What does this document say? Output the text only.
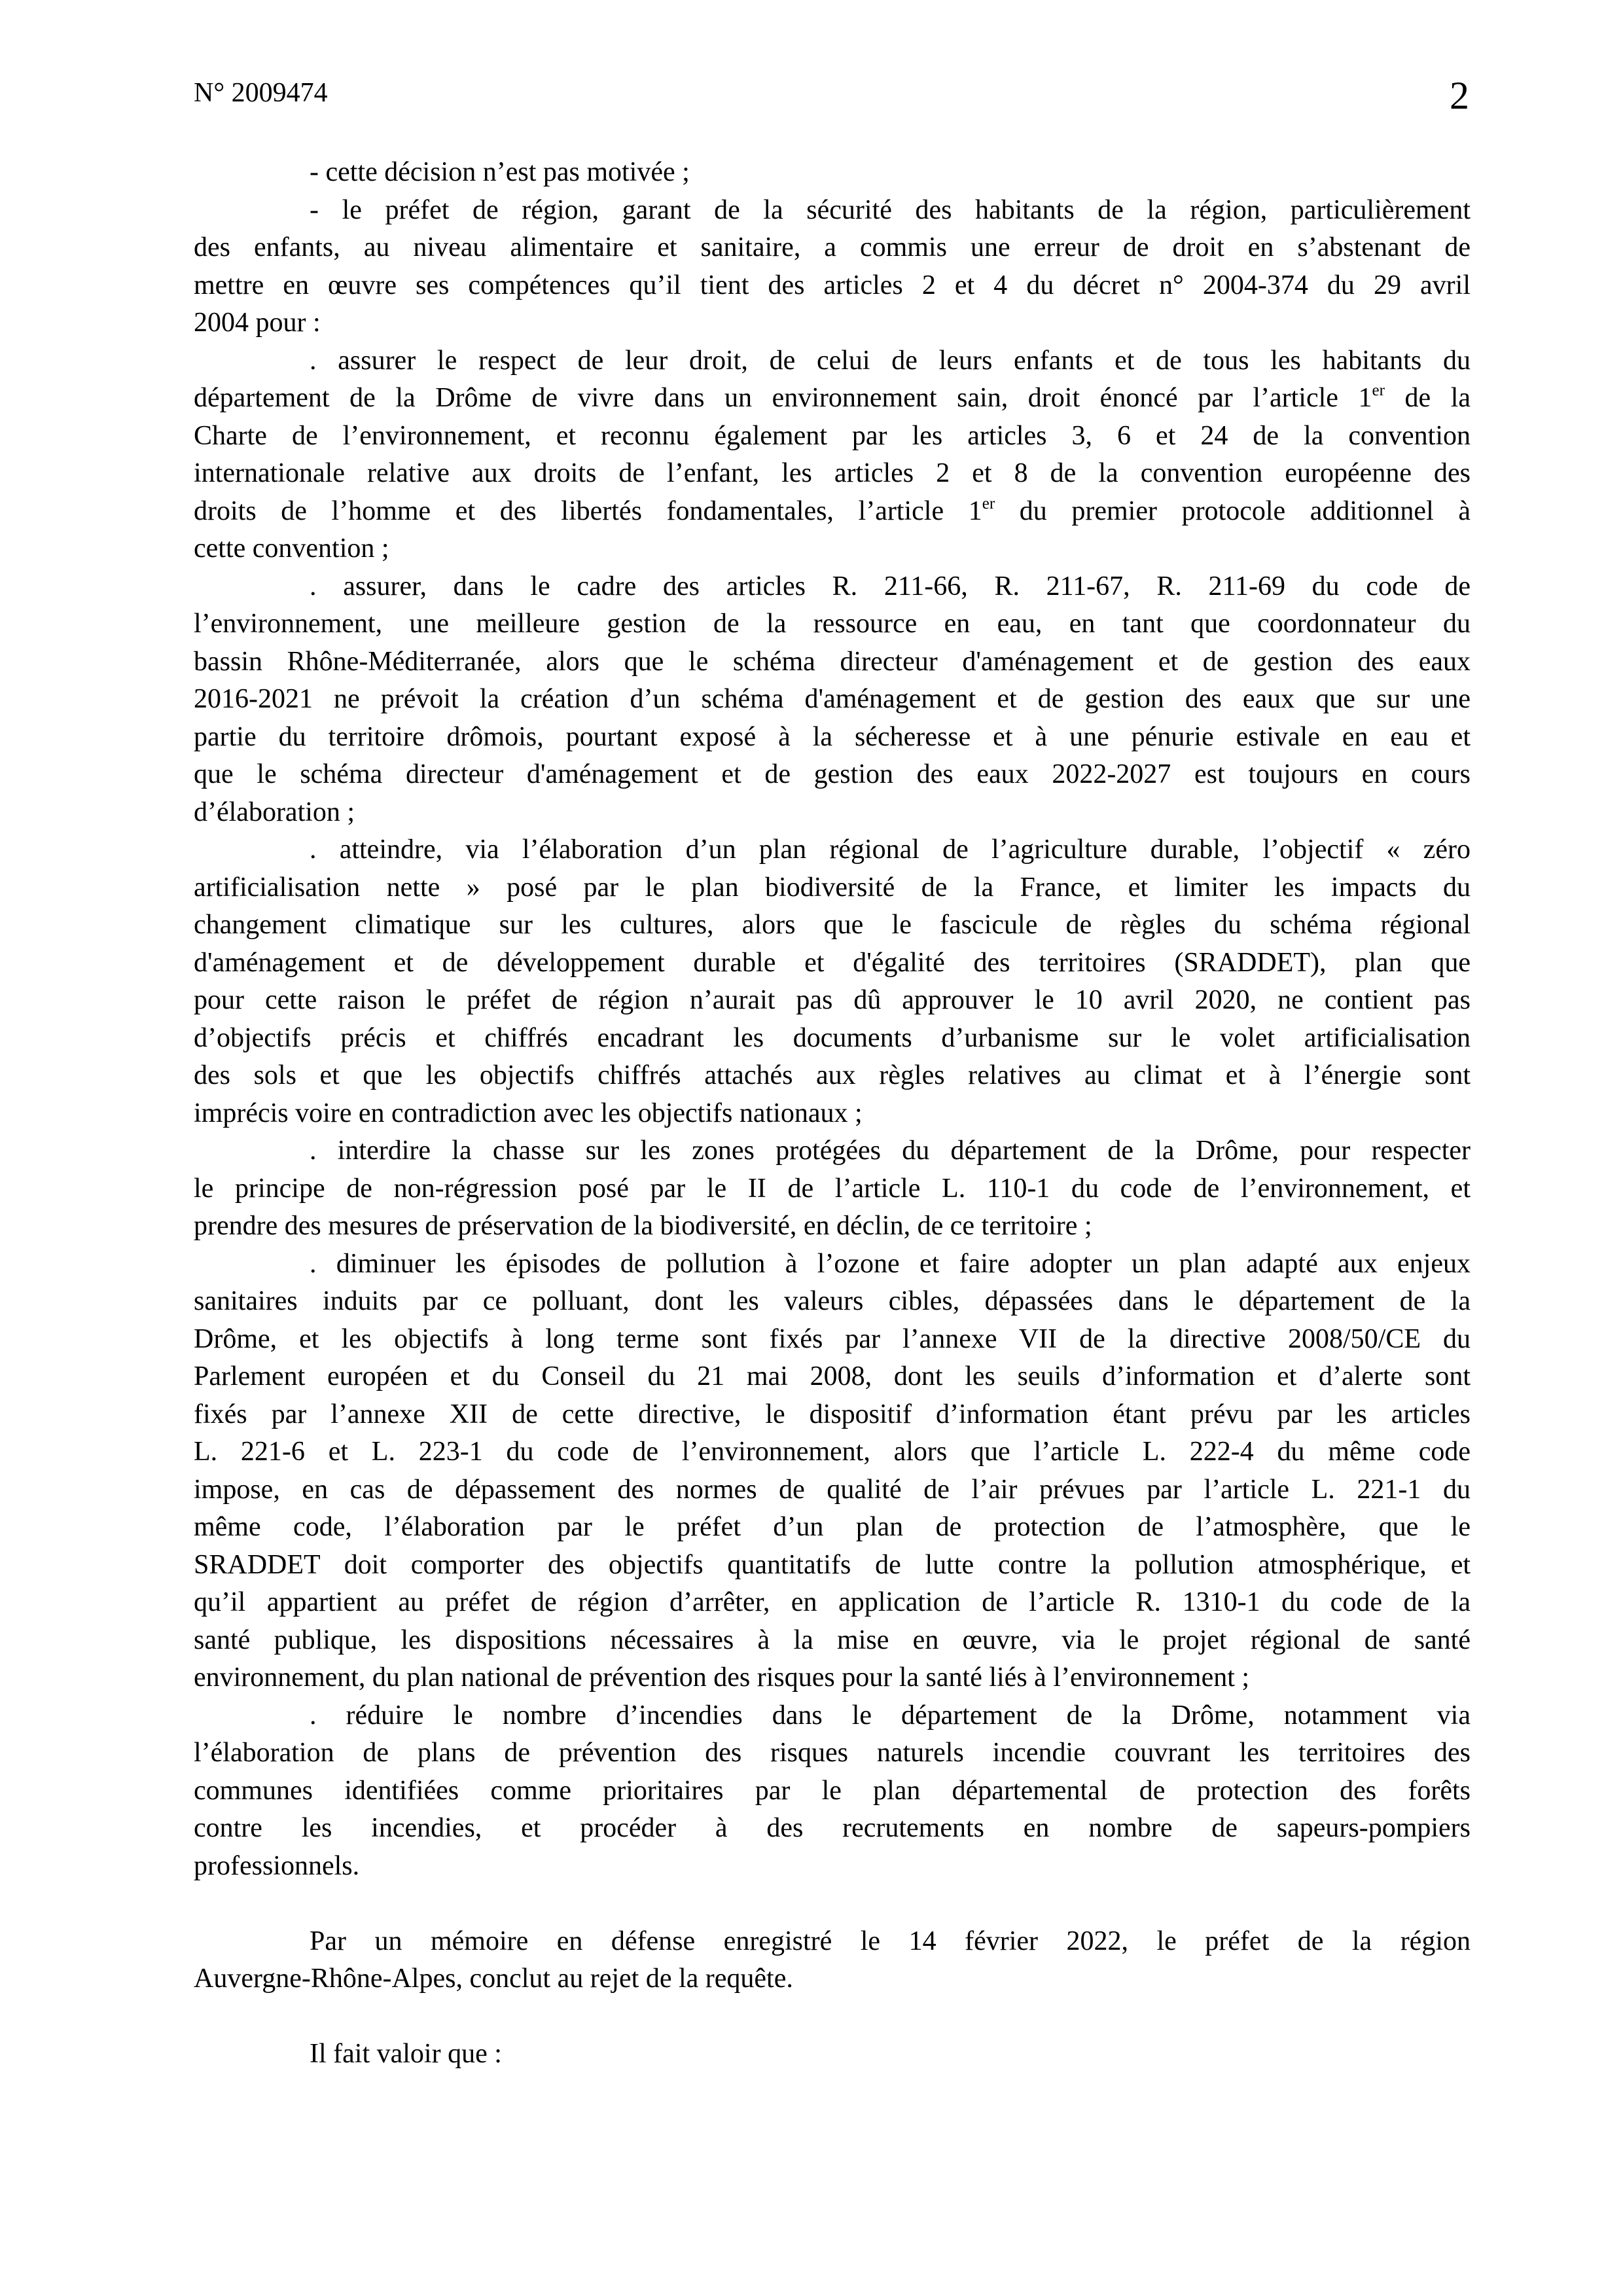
N° 2009474	2
- cette décision n’est pas motivée ;
- le préfet de région, garant de la sécurité des habitants de la région, particulièrement
des enfants, au niveau alimentaire et sanitaire, a commis une erreur de droit en s’abstenant de
mettre en œuvre ses compétences qu’il tient des articles 2 et 4 du décret n° 2004-374 du 29 avril
2004 pour :
. assurer le respect de leur droit, de celui de leurs enfants et de tous les habitants du
département de la Drôme de vivre dans un environnement sain, droit énoncé par l’article 1er de la
Charte de l’environnement, et reconnu également par les articles 3, 6 et 24 de la convention
internationale relative aux droits de l’enfant, les articles 2 et 8 de la convention européenne des
droits de l’homme et des libertés fondamentales, l’article 1er du premier protocole additionnel à
cette convention ;
. assurer, dans le cadre des articles R. 211-66, R. 211-67, R. 211-69 du code de
l’environnement, une meilleure gestion de la ressource en eau, en tant que coordonnateur du
bassin Rhône-Méditerranée, alors que le schéma directeur d'aménagement et de gestion des eaux
2016-2021 ne prévoit la création d’un schéma d'aménagement et de gestion des eaux que sur une
partie du territoire drômois, pourtant exposé à la sécheresse et à une pénurie estivale en eau et
que le schéma directeur d'aménagement et de gestion des eaux 2022-2027 est toujours en cours
d’élaboration ;
. atteindre, via l’élaboration d’un plan régional de l’agriculture durable, l’objectif « zéro
artificialisation nette » posé par le plan biodiversité de la France, et limiter les impacts du
changement climatique sur les cultures, alors que le fascicule de règles du schéma régional
d'aménagement et de développement durable et d'égalité des territoires (SRADDET), plan que
pour cette raison le préfet de région n’aurait pas dû approuver le 10 avril 2020, ne contient pas
d’objectifs précis et chiffrés encadrant les documents d’urbanisme sur le volet artificialisation
des sols et que les objectifs chiffrés attachés aux règles relatives au climat et à l’énergie sont
imprécis voire en contradiction avec les objectifs nationaux ;
. interdire la chasse sur les zones protégées du département de la Drôme, pour respecter
le principe de non-régression posé par le II de l’article L. 110-1 du code de l’environnement, et
prendre des mesures de préservation de la biodiversité, en déclin, de ce territoire ;
. diminuer les épisodes de pollution à l’ozone et faire adopter un plan adapté aux enjeux
sanitaires induits par ce polluant, dont les valeurs cibles, dépassées dans le département de la
Drôme, et les objectifs à long terme sont fixés par l’annexe VII de la directive 2008/50/CE du
Parlement européen et du Conseil du 21 mai 2008, dont les seuils d’information et d’alerte sont
fixés par l’annexe XII de cette directive, le dispositif d’information étant prévu par les articles
L. 221-6 et L. 223-1 du code de l’environnement, alors que l’article L. 222-4 du même code
impose, en cas de dépassement des normes de qualité de l’air prévues par l’article L. 221-1 du
même code, l’élaboration par le préfet d’un plan de protection de l’atmosphère, que le
SRADDET doit comporter des objectifs quantitatifs de lutte contre la pollution atmosphérique, et
qu’il appartient au préfet de région d’arrêter, en application de l’article R. 1310-1 du code de la
santé publique, les dispositions nécessaires à la mise en œuvre, via le projet régional de santé
environnement, du plan national de prévention des risques pour la santé liés à l’environnement ;
. réduire le nombre d’incendies dans le département de la Drôme, notamment via
l’élaboration de plans de prévention des risques naturels incendie couvrant les territoires des
communes identifiées comme prioritaires par le plan départemental de protection des forêts
contre les incendies, et procéder à des recrutements en nombre de sapeurs-pompiers
professionnels.
Par un mémoire en défense enregistré le 14 février 2022, le préfet de la région
Auvergne-Rhône-Alpes, conclut au rejet de la requête.
Il fait valoir que :
